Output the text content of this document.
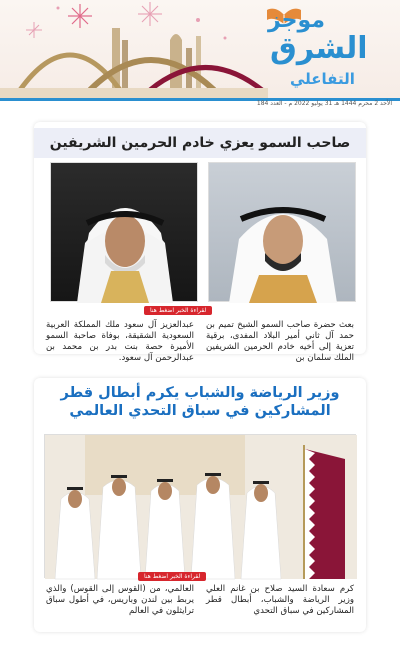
موجز
الشرق
التفاعلي
الأحد 2 محرم 1444 هـ 31 يوليو 2022 م - العدد 184
صاحب السمو يعزي خادم الحرمين الشريفين
لقراءة الخبر اضغط هنا
بعث حضرة صاحب السمو الشيخ تميم بن حمد آل ثاني أمير البلاد المفدى، برقية تعزية إلى أخيه خادم الحرمين الشريفين الملك سلمان بن
عبدالعزيز آل سعود ملك المملكة العربية السعودية الشقيقة، بوفاة صاحبة السمو الأميرة حصة بنت بدر بن محمد بن عبدالرحمن آل سعود.
وزير الرياضة والشباب يكرم أبطال قطر المشاركين في سباق التحدي العالمي
لقراءة الخبر اضغط هنا
كرم سعادة السيد صلاح بن غانم العلي وزير الرياضة والشباب، أبطال قطر المشاركين في سباق التحدي
العالمي، من (القوس إلى القوس) والذي يربط بين لندن وباريس، في أطول سباق ترايثلون في العالم
